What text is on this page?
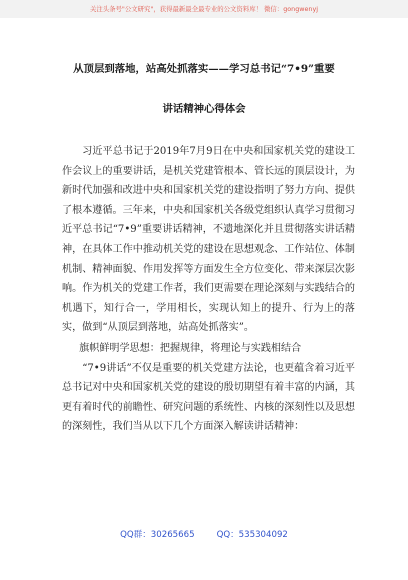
关注头条号"公文研究"，获得最新最全最专业的公文资料库！ 微信：gongwenyj
从顶层到落地，站高处抓落实——学习总书记“7•9”重要
讲话精神心得体会

习近平总书记于2019年7月9日在中央和国家机关党的建设工作会议上的重要讲话，是机关党建管根本、管长远的顶层设计，为新时代加强和改进中央和国家机关党的建设指明了努力方向、提供了根本遵循。三年来，中央和国家机关各级党组织认真学习贯彻习近平总书记“7•9”重要讲话精神，不遗地深化并且贯彻落实讲话精神，在具体工作中推动机关党的建设在思想观念、工作站位、体制机制、精神面貌、作用发挥等方面发生全方位变化、带来深层次影响。作为机关的党建工作者，我们更需要在理论深刻与实践结合的机遇下，知行合一，学用相长，实现认知上的提升、行为上的落实，做到“从顶层到落地，站高处抓落实”。

旗帜鲜明学思想：把握规律，将理论与实践相结合

“7•9讲话”不仅是重要的机关党建方法论，也更蕴含着习近平总书记对中央和国家机关党的建设的殷切期望有着丰富的内涵，其更有着时代的前瞻性、研究问题的系统性、内核的深刻性以及思想的深刻性，我们当从以下几个方面深入解读讲话精神：

QQ群：30265665	QQ：535304092
